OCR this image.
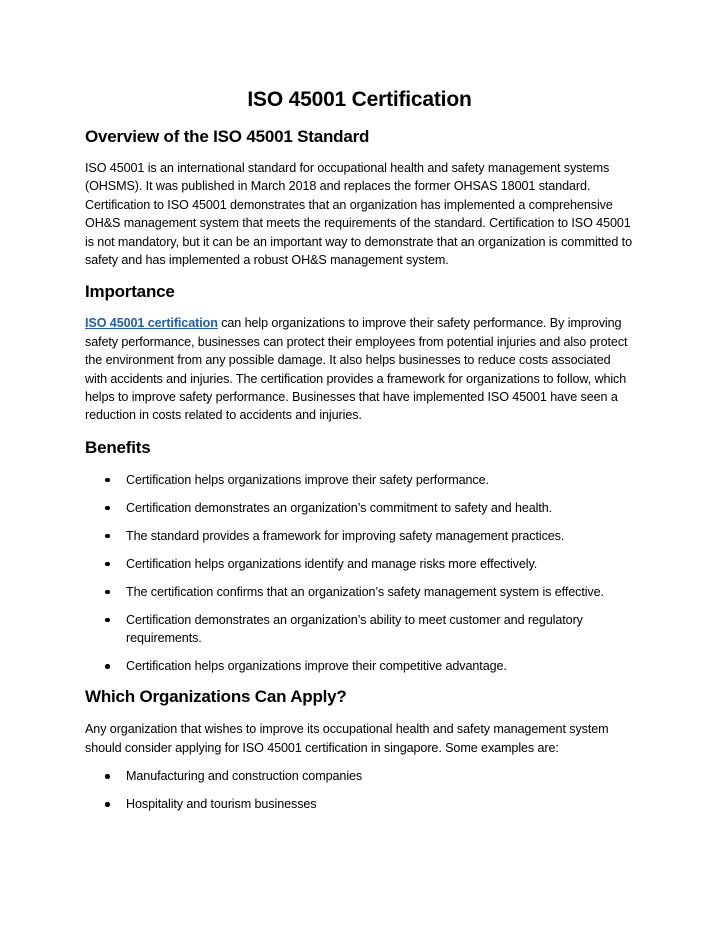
ISO 45001 Certification
Overview of the ISO 45001 Standard

ISO 45001 is an international standard for occupational health and safety management systems (OHSMS). It was published in March 2018 and replaces the former OHSAS 18001 standard. Certification to ISO 45001 demonstrates that an organization has implemented a comprehensive OH&S management system that meets the requirements of the standard. Certification to ISO 45001 is not mandatory, but it can be an important way to demonstrate that an organization is committed to safety and has implemented a robust OH&S management system.

Importance

ISO 45001 certification can help organizations to improve their safety performance. By improving safety performance, businesses can protect their employees from potential injuries and also protect the environment from any possible damage. It also helps businesses to reduce costs associated with accidents and injuries. The certification provides a framework for organizations to follow, which helps to improve safety performance. Businesses that have implemented ISO 45001 have seen a reduction in costs related to accidents and injuries.

Benefits
Certification helps organizations improve their safety performance.
Certification demonstrates an organization’s commitment to safety and health.
The standard provides a framework for improving safety management practices.
Certification helps organizations identify and manage risks more effectively.
The certification confirms that an organization’s safety management system is effective.
Certification demonstrates an organization’s ability to meet customer and regulatory requirements.
Certification helps organizations improve their competitive advantage.
Which Organizations Can Apply?

Any organization that wishes to improve its occupational health and safety management system should consider applying for ISO 45001 certification in singapore. Some examples are:

Manufacturing and construction companies
Hospitality and tourism businesses
